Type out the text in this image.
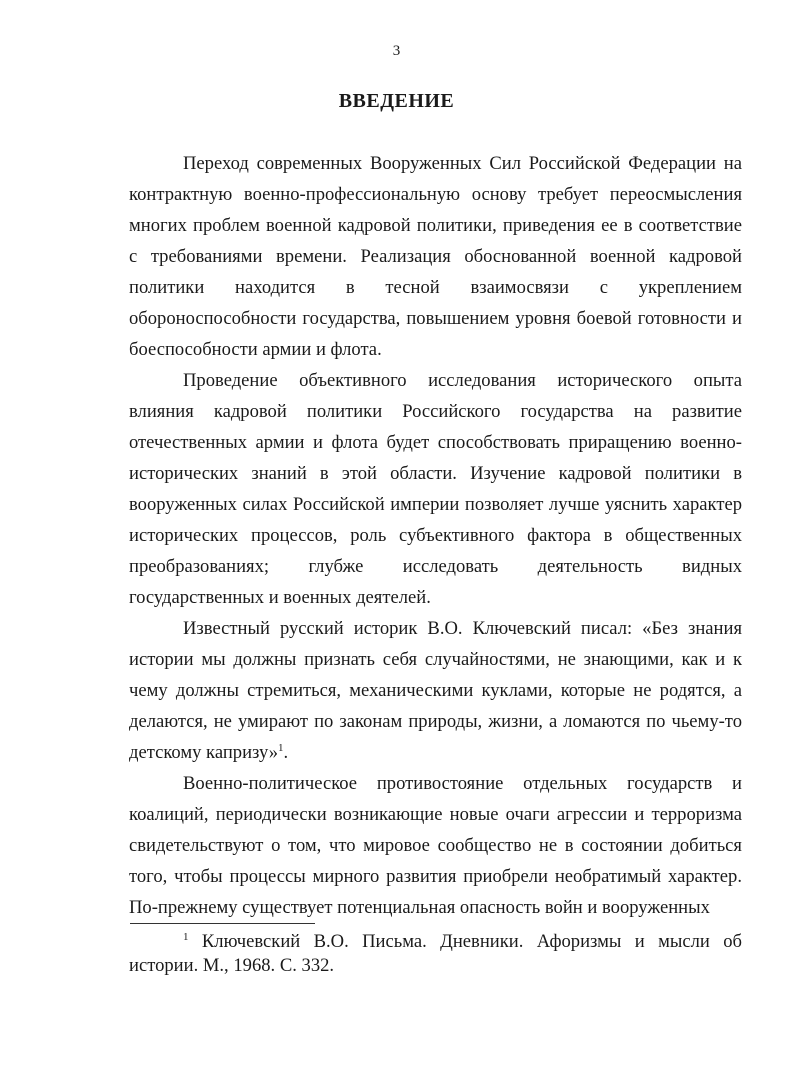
3
ВВЕДЕНИЕ

Переход современных Вооруженных Сил Российской Федерации на контрактную военно-профессиональную основу требует переосмысления многих проблем военной кадровой политики, приведения ее в соответствие с требованиями времени. Реализация обоснованной военной кадровой политики находится в тесной взаимосвязи с укреплением обороноспособности государства, повышением уровня боевой готовности и боеспособности армии и флота.

Проведение объективного исследования исторического опыта влияния кадровой политики Российского государства на развитие отечественных армии и флота будет способствовать приращению военно-исторических знаний в этой области. Изучение кадровой политики в вооруженных силах Российской империи позволяет лучше уяснить характер исторических процессов, роль субъективного фактора в общественных преобразованиях; глубже исследовать деятельность видных государственных и военных деятелей.

Известный русский историк В.О. Ключевский писал: «Без знания истории мы должны признать себя случайностями, не знающими, как и к чему должны стремиться, механическими куклами, которые не родятся, а делаются, не умирают по законам природы, жизни, а ломаются по чьему-то детскому капризу»$^1$.

Военно-политическое противостояние отдельных государств и коалиций, периодически возникающие новые очаги агрессии и терроризма свидетельствуют о том, что мировое сообщество не в состоянии добиться того, чтобы процессы мирного развития приобрели необратимый характер. По-прежнему существует потенциальная опасность войн и вооруженных

$^1$ Ключевский В.О. Письма. Дневники. Афоризмы и мысли об истории. М., 1968. С. 332.
